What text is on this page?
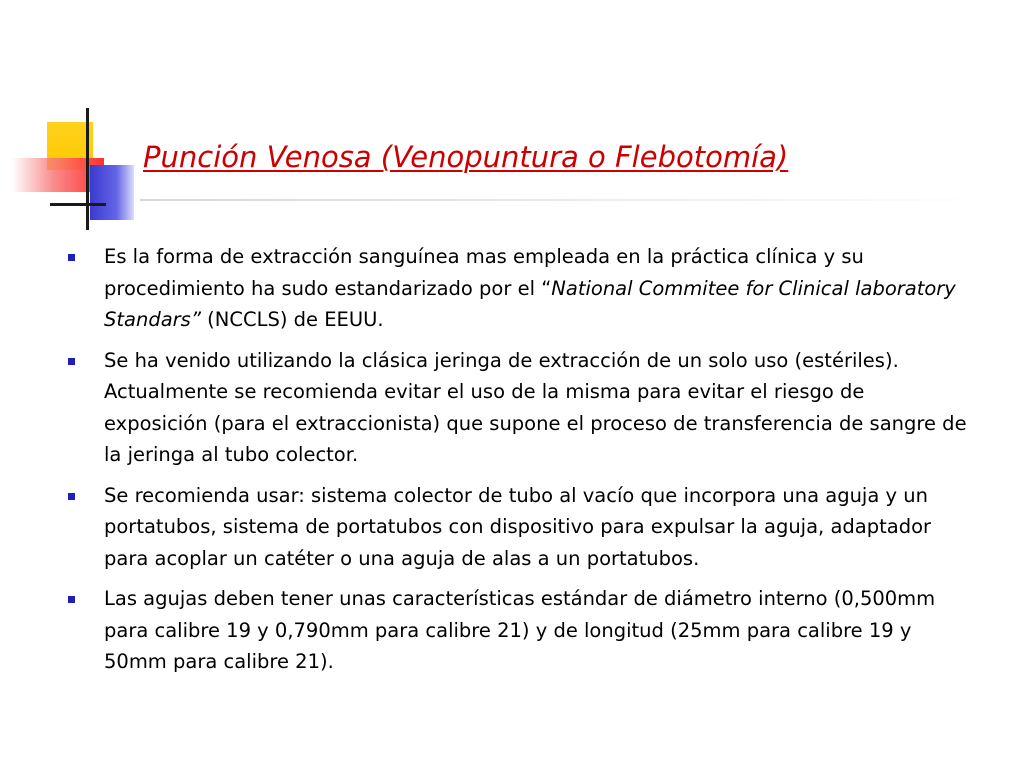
Punción Venosa (Venopuntura o Flebotomía)
Es la forma de extracción sanguínea mas empleada en la práctica clínica y su procedimiento ha sudo estandarizado por el “National Commitee for Clinical laboratory Standars” (NCCLS) de EEUU.
Se ha venido utilizando la clásica jeringa de extracción de un solo uso (estériles). Actualmente se recomienda evitar el uso de la misma para evitar el riesgo de exposición (para el extraccionista) que supone el proceso de transferencia de sangre de la jeringa al tubo colector.
Se recomienda usar: sistema colector de tubo al vacío que incorpora una aguja y un portatubos, sistema de portatubos con dispositivo para expulsar la aguja, adaptador para acoplar un catéter o una aguja de alas a un portatubos.
Las agujas deben tener unas características estándar de diámetro interno (0,500mm para calibre 19 y 0,790mm para calibre 21) y de longitud (25mm para calibre 19 y 50mm para calibre 21).
